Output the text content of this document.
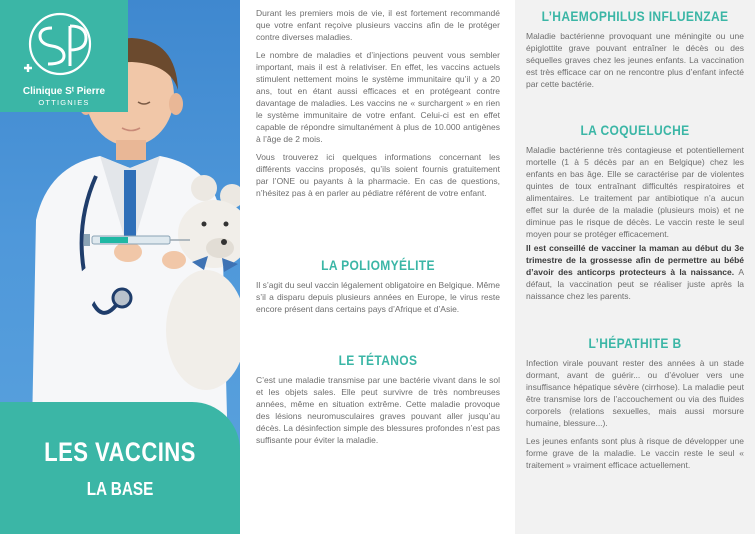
Clinique Sᵗ Pierre
OTTIGNIES
LES VACCINS
LA BASE

Durant les premiers mois de vie, il est fortement recommandé que votre enfant reçoive plusieurs vaccins afin de le protéger contre diverses maladies.

Le nombre de maladies et d’injections peuvent vous sembler important, mais il est à relativiser. En effet, les vaccins actuels stimulent nettement moins le système immunitaire qu’il y a 20 ans, tout en étant aussi efficaces et en protégeant contre davantage de maladies. Les vaccins ne « surchargent » en rien le système immunitaire de votre enfant. Celui-ci est en effet capable de répondre simultanément à plus de 10.000 antigènes à l’âge de 2 mois.

Vous trouverez ici quelques informations concernant les différents vaccins proposés, qu’ils soient fournis gratuitement par l’ONE ou payants à la pharmacie. En cas de questions, n’hésitez pas à en parler au pédiatre référent de votre enfant.

LA POLIOMYÉLITE

Il s’agit du seul vaccin légalement obligatoire en Belgique. Même s’il a disparu depuis plusieurs années en Europe, le virus reste encore présent dans certains pays d’Afrique et d’Asie.

LE TÉTANOS

C’est une maladie transmise par une bactérie vivant dans le sol et les objets sales. Elle peut survivre de très nombreuses années, même en situation extrême. Cette maladie provoque des lésions neuromusculaires graves pouvant aller jusqu’au décès. La désinfection simple des blessures profondes n’est pas suffisante pour éviter la maladie.

L’HAEMOPHILUS INFLUENZAE

Maladie bactérienne provoquant une méningite ou une épiglottite grave pouvant entraîner le décès ou des séquelles graves chez les jeunes enfants. La vaccination est très efficace car on ne rencontre plus d’enfant infecté par cette bactérie.

LA COQUELUCHE

Maladie bactérienne très contagieuse et potentiellement mortelle (1 à 5 décès par an en Belgique) chez les enfants en bas âge. Elle se caractérise par de violentes quintes de toux entraînant difficultés respiratoires et alimentaires. Le traitement par antibiotique n’a aucun effet sur la durée de la maladie (plusieurs mois) et ne diminue pas le risque de décès. Le vaccin reste le seul moyen pour se protéger efficacement.

Il est conseillé de vacciner la maman au début du 3e trimestre de la grossesse afin de permettre au bébé d’avoir des anticorps protecteurs à la naissance. A défaut, la vaccination peut se réaliser juste après la naissance chez les parents.

L’HÉPATHITE B

Infection virale pouvant rester des années à un stade dormant, avant de guérir... ou d’évoluer vers une insuffisance hépatique sévère (cirrhose). La maladie peut être transmise lors de l’accouchement ou via des fluides corporels (relations sexuelles, mais aussi morsure humaine, blessure...).

Les jeunes enfants sont plus à risque de développer une forme grave de la maladie. Le vaccin reste le seul « traitement » vraiment efficace actuellement.
